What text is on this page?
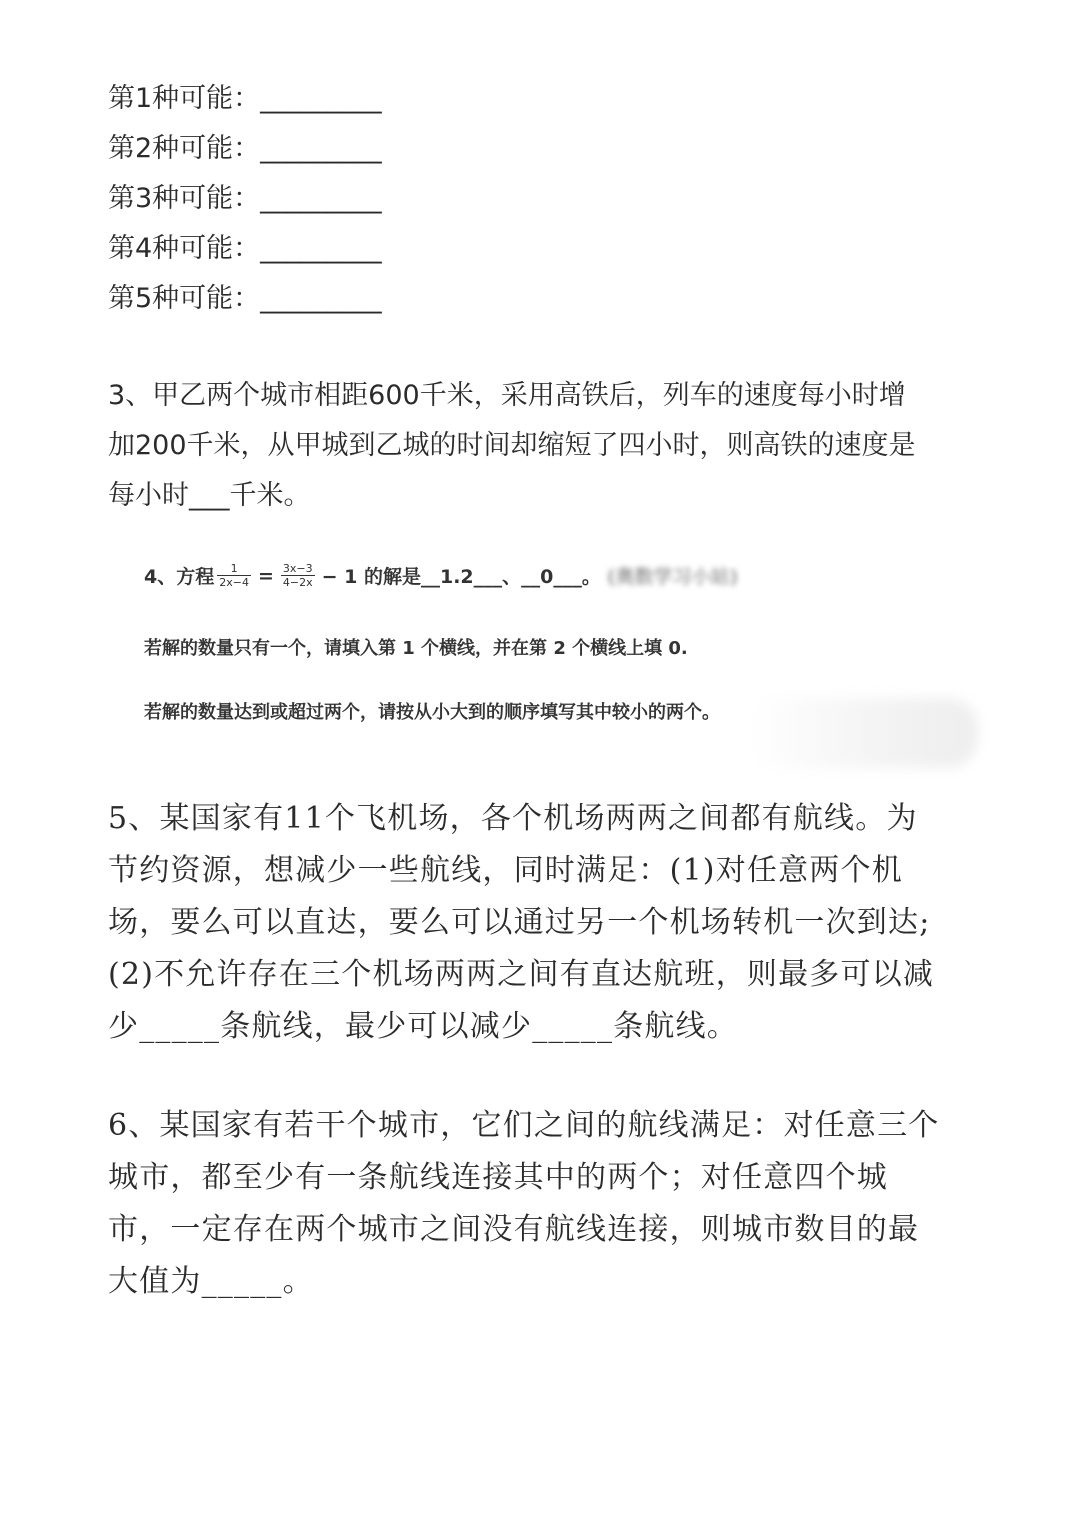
第1种可能：_________
第2种可能：_________
第3种可能：_________
第4种可能：_________
第5种可能：_________
3、甲乙两个城市相距600千米，采用高铁后，列车的速度每小时增
加200千米，从甲城到乙城的时间却缩短了四小时，则高铁的速度是
每小时___千米。
4、方程 $\frac{1}{2x-4} = \frac{3x-3}{4-2x} - 1$ 的解是__1.2___、__0___。 (奥数学习小站)
若解的数量只有一个，请填入第 1 个横线，并在第 2 个横线上填 0.
若解的数量达到或超过两个，请按从小大到的顺序填写其中较小的两个。
5、某国家有11个飞机场，各个机场两两之间都有航线。为
节约资源，想减少一些航线，同时满足：(1)对任意两个机
场，要么可以直达，要么可以通过另一个机场转机一次到达;
(2)不允许存在三个机场两两之间有直达航班，则最多可以减
少_____条航线，最少可以减少_____条航线。
6、某国家有若干个城市，它们之间的航线满足：对任意三个
城市，都至少有一条航线连接其中的两个；对任意四个城
市，一定存在两个城市之间没有航线连接，则城市数目的最
大值为_____。
